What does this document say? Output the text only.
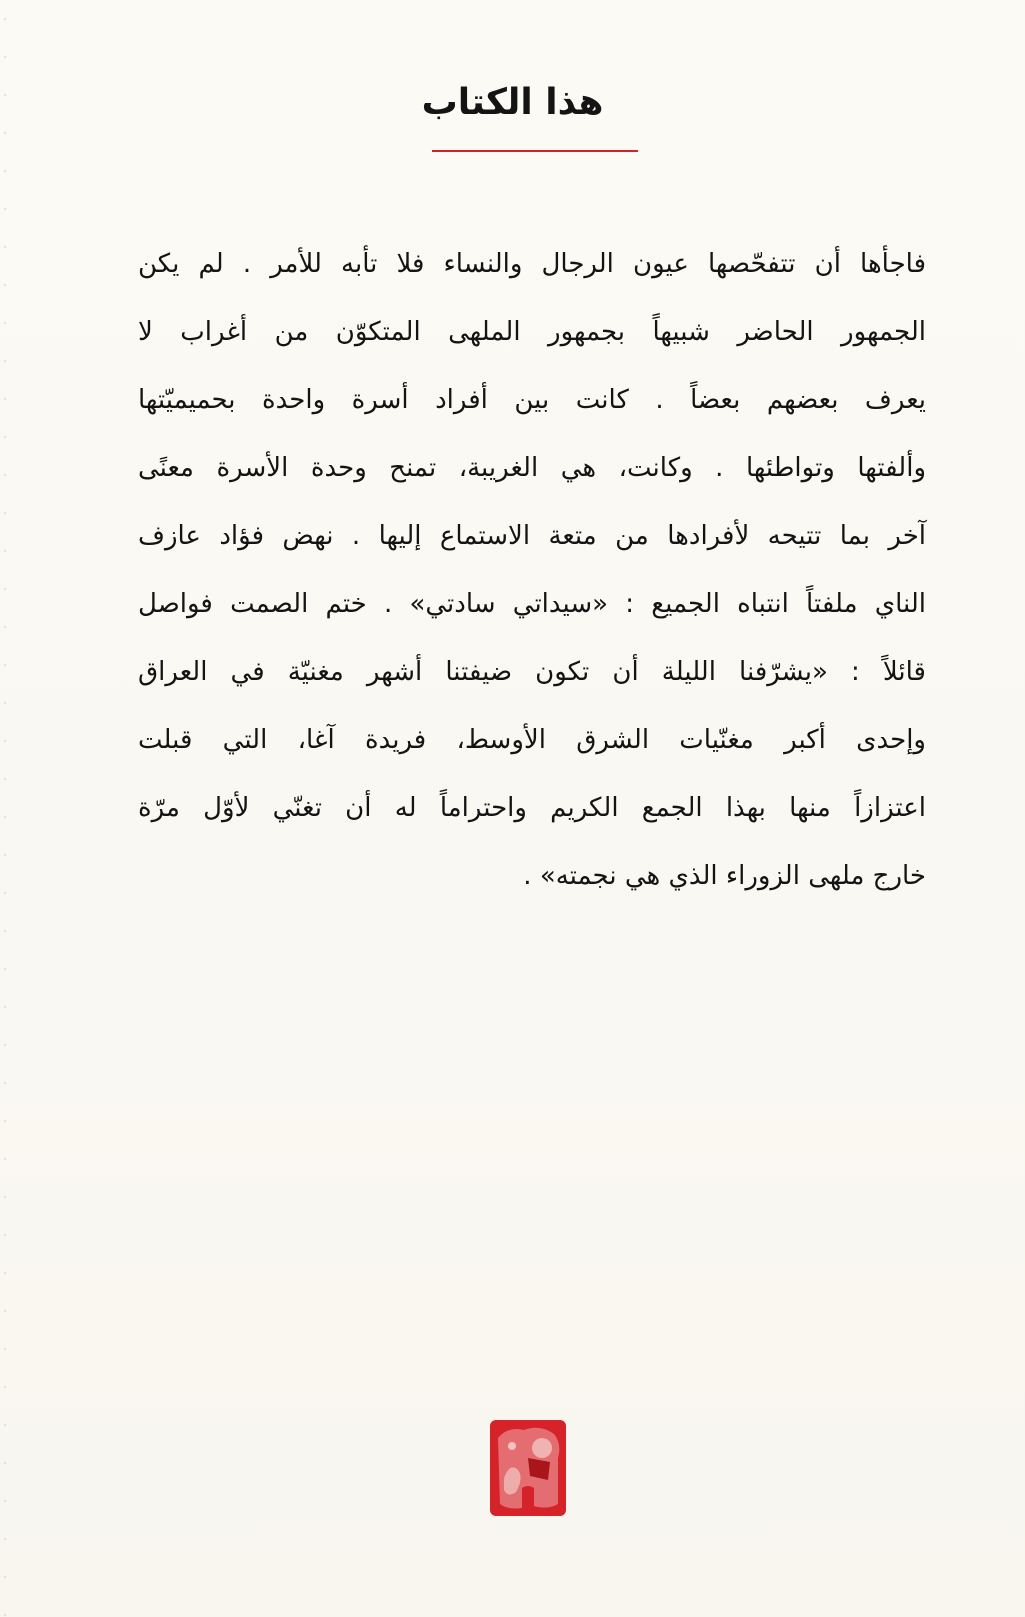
هذا الكتاب
فاجأها أن تتفحّصها عيون الرجال والنساء فلا تأبه للأمر . لم يكن
الجمهور الحاضر شبيهاً بجمهور الملهى المتكوّن من أغراب لا
يعرف بعضهم بعضاً . كانت بين أفراد أسرة واحدة بحميميّتها
وألفتها وتواطئها . وكانت، هي الغريبة، تمنح وحدة الأسرة معنًى
آخر بما تتيحه لأفرادها من متعة الاستماع إليها . نهض فؤاد عازف
الناي ملفتاً انتباه الجميع : «سيداتي سادتي» . ختم الصمت فواصل
قائلاً : «يشرّفنا الليلة أن تكون ضيفتنا أشهر مغنيّة في العراق
وإحدى أكبر مغنّيات الشرق الأوسط، فريدة آغا، التي قبلت
اعتزازاً منها بهذا الجمع الكريم واحتراماً له أن تغنّي لأوّل مرّة
خارج ملهى الزوراء الذي هي نجمته» .
